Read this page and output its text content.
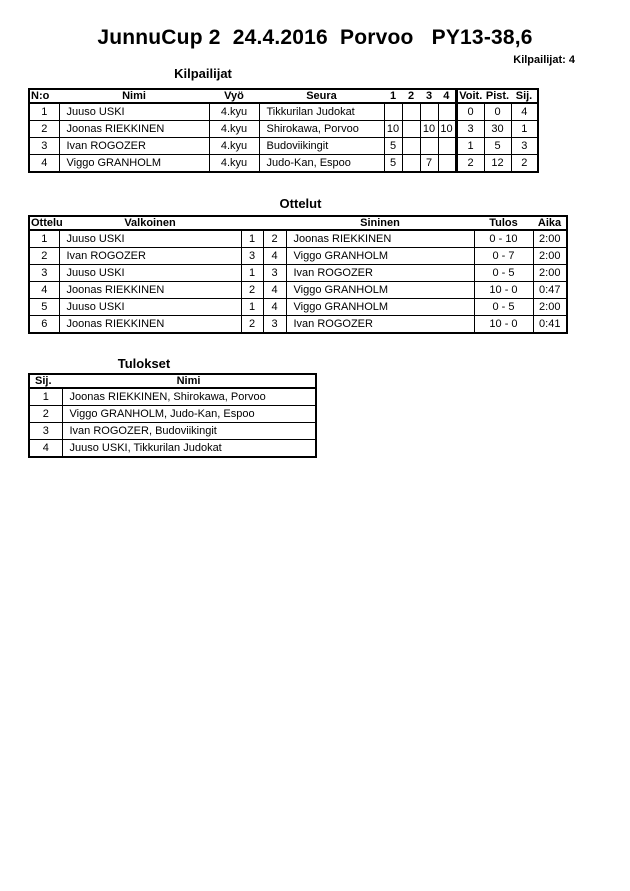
JunnuCup 2  24.4.2016  Porvoo   PY13-38,6
Kilpailijat: 4
Kilpailijat
N:o	Nimi	Vyö	Seura	1	2	3	4	Voit.	Pist.	Sij.
1	Juuso USKI	4.kyu	Tikkurilan Judokat					0	0	4
2	Joonas RIEKKINEN	4.kyu	Shirokawa, Porvoo	10		10	10	3	30	1
3	Ivan ROGOZER	4.kyu	Budoviikingit	5				1	5	3
4	Viggo GRANHOLM	4.kyu	Judo-Kan, Espoo	5		7		2	12	2
Ottelut
Ottelu	Valkoinen			Sininen	Tulos	Aika
1	Juuso USKI	1	2	Joonas RIEKKINEN	0 - 10	2:00
2	Ivan ROGOZER	3	4	Viggo GRANHOLM	0 - 7	2:00
3	Juuso USKI	1	3	Ivan ROGOZER	0 - 5	2:00
4	Joonas RIEKKINEN	2	4	Viggo GRANHOLM	10 - 0	0:47
5	Juuso USKI	1	4	Viggo GRANHOLM	0 - 5	2:00
6	Joonas RIEKKINEN	2	3	Ivan ROGOZER	10 - 0	0:41
Tulokset
Sij.	Nimi
1	Joonas RIEKKINEN, Shirokawa, Porvoo
2	Viggo GRANHOLM, Judo-Kan, Espoo
3	Ivan ROGOZER, Budoviikingit
4	Juuso USKI, Tikkurilan Judokat
